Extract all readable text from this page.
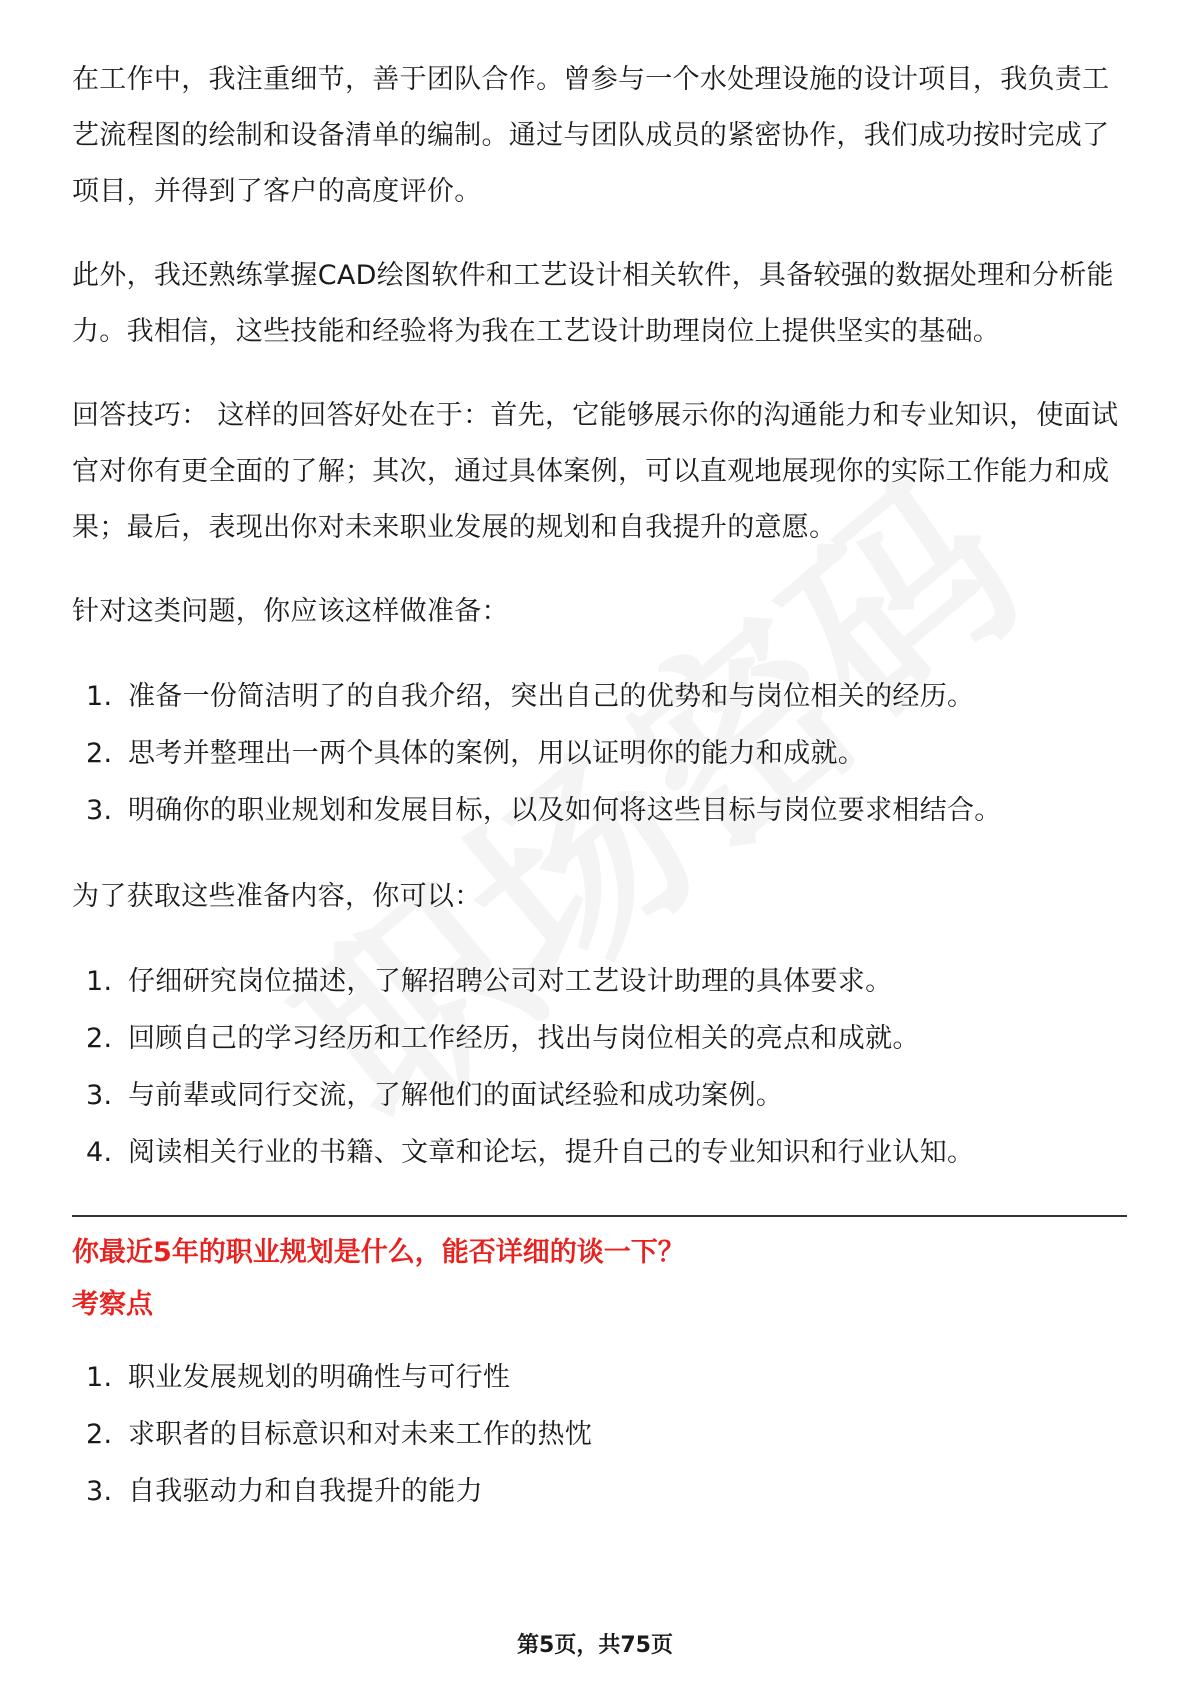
在工作中，我注重细节，善于团队合作。曾参与一个水处理设施的设计项目，我负责工艺流程图的绘制和设备清单的编制。通过与团队成员的紧密协作，我们成功按时完成了项目，并得到了客户的高度评价。

此外，我还熟练掌握CAD绘图软件和工艺设计相关软件，具备较强的数据处理和分析能力。我相信，这些技能和经验将为我在工艺设计助理岗位上提供坚实的基础。

回答技巧： 这样的回答好处在于：首先，它能够展示你的沟通能力和专业知识，使面试官对你有更全面的了解；其次，通过具体案例，可以直观地展现你的实际工作能力和成果；最后，表现出你对未来职业发展的规划和自我提升的意愿。

针对这类问题，你应该这样做准备：

1. 准备一份简洁明了的自我介绍，突出自己的优势和与岗位相关的经历。
2. 思考并整理出一两个具体的案例，用以证明你的能力和成就。
3. 明确你的职业规划和发展目标，以及如何将这些目标与岗位要求相结合。

为了获取这些准备内容，你可以：

1. 仔细研究岗位描述，了解招聘公司对工艺设计助理的具体要求。
2. 回顾自己的学习经历和工作经历，找出与岗位相关的亮点和成就。
3. 与前辈或同行交流，了解他们的面试经验和成功案例。
4. 阅读相关行业的书籍、文章和论坛，提升自己的专业知识和行业认知。

你最近5年的职业规划是什么，能否详细的谈一下？

考察点

1. 职业发展规划的明确性与可行性
2. 求职者的目标意识和对未来工作的热忱
3. 自我驱动力和自我提升的能力
第5页，共75页
